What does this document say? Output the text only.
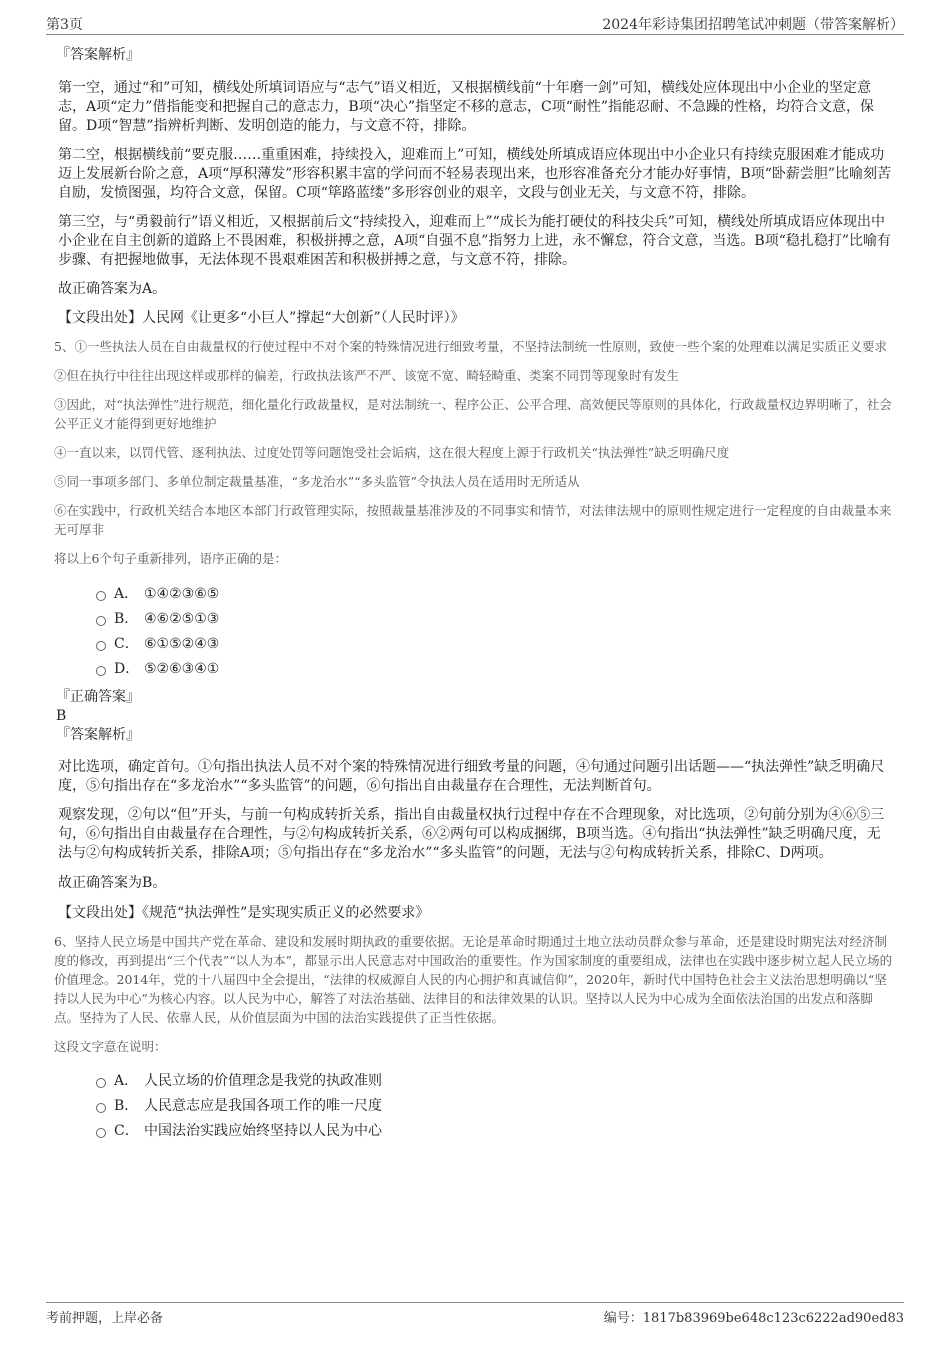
第3页	2024年彩诗集团招聘笔试冲刺题（带答案解析）
『答案解析』
第一空，通过“和”可知，横线处所填词语应与“志气”语义相近，又根据横线前“十年磨一剑”可知，横线处应体现出中小企业的坚定意志，A项“定力”借指能变和把握自己的意志力，B项“决心”指坚定不移的意志，C项“耐性”指能忍耐、不急躁的性格，均符合文意，保留。D项“智慧”指辨析判断、发明创造的能力，与文意不符，排除。
第二空，根据横线前“要克服……重重困难，持续投入，迎难而上”可知，横线处所填成语应体现出中小企业只有持续克服困难才能成功迈上发展新台阶之意，A项“厚积薄发”形容积累丰富的学问而不轻易表现出来，也形容准备充分才能办好事情，B项“卧薪尝胆”比喻刻苦自励，发愤图强，均符合文意，保留。C项“筚路蓝缕”多形容创业的艰辛，文段与创业无关，与文意不符，排除。
第三空，与“勇毅前行”语义相近，又根据前后文“持续投入，迎难而上”“成长为能打硬仗的科技尖兵”可知，横线处所填成语应体现出中小企业在自主创新的道路上不畏困难，积极拼搏之意，A项“自强不息”指努力上进，永不懈怠，符合文意，当选。B项“稳扎稳打”比喻有步骤、有把握地做事，无法体现不畏艰难困苦和积极拼搏之意，与文意不符，排除。
故正确答案为A。
【文段出处】人民网《让更多“小巨人”撑起“大创新”（人民时评）》
5、①一些执法人员在自由裁量权的行使过程中不对个案的特殊情况进行细致考量，不坚持法制统一性原则，致使一些个案的处理难以满足实质正义要求
②但在执行中往往出现这样或那样的偏差，行政执法该严不严、该宽不宽、畸轻畸重、类案不同罚等现象时有发生
③因此，对“执法弹性”进行规范，细化量化行政裁量权，是对法制统一、程序公正、公平合理、高效便民等原则的具体化，行政裁量权边界明晰了，社会公平正义才能得到更好地维护
④一直以来，以罚代管、逐利执法、过度处罚等问题饱受社会诟病，这在很大程度上源于行政机关“执法弹性”缺乏明确尺度
⑤同一事项多部门、多单位制定裁量基准，“多龙治水”“多头监管”令执法人员在适用时无所适从
⑥在实践中，行政机关结合本地区本部门行政管理实际，按照裁量基准涉及的不同事实和情节，对法律法规中的原则性规定进行一定程度的自由裁量本来无可厚非
将以上6个句子重新排列，语序正确的是：
A． ①④②③⑥⑤
B． ④⑥②⑤①③
C． ⑥①⑤②④③
D． ⑤②⑥③④①
『正确答案』
B
『答案解析』
对比选项，确定首句。①句指出执法人员不对个案的特殊情况进行细致考量的问题，④句通过问题引出话题——“执法弹性”缺乏明确尺度，⑤句指出存在“多龙治水”“多头监管”的问题，⑥句指出自由裁量存在合理性，无法判断首句。
观察发现，②句以“但”开头，与前一句构成转折关系，指出自由裁量权执行过程中存在不合理现象，对比选项，②句前分别为④⑥⑤三句，⑥句指出自由裁量存在合理性，与②句构成转折关系，⑥②两句可以构成捆绑，B项当选。④句指出“执法弹性”缺乏明确尺度，无法与②句构成转折关系，排除A项；⑤句指出存在“多龙治水”“多头监管”的问题，无法与②句构成转折关系，排除C、D两项。
故正确答案为B。
【文段出处】《规范“执法弹性”是实现实质正义的必然要求》
6、坚持人民立场是中国共产党在革命、建设和发展时期执政的重要依据。无论是革命时期通过土地立法动员群众参与革命，还是建设时期宪法对经济制度的修改，再到提出“三个代表”“以人为本”，都显示出人民意志对中国政治的重要性。作为国家制度的重要组成，法律也在实践中逐步树立起人民立场的价值理念。2014年，党的十八届四中全会提出，“法律的权威源自人民的内心拥护和真诚信仰”，2020年，新时代中国特色社会主义法治思想明确以“坚持以人民为中心”为核心内容。以人民为中心，解答了对法治基础、法律目的和法律效果的认识。坚持以人民为中心成为全面依法治国的出发点和落脚点。坚持为了人民、依靠人民，从价值层面为中国的法治实践提供了正当性依据。
这段文字意在说明：
A． 人民立场的价值理念是我党的执政准则
B． 人民意志应是我国各项工作的唯一尺度
C． 中国法治实践应始终坚持以人民为中心
考前押题，上岸必备	编号：1817b83969be648c123c6222ad90ed83
